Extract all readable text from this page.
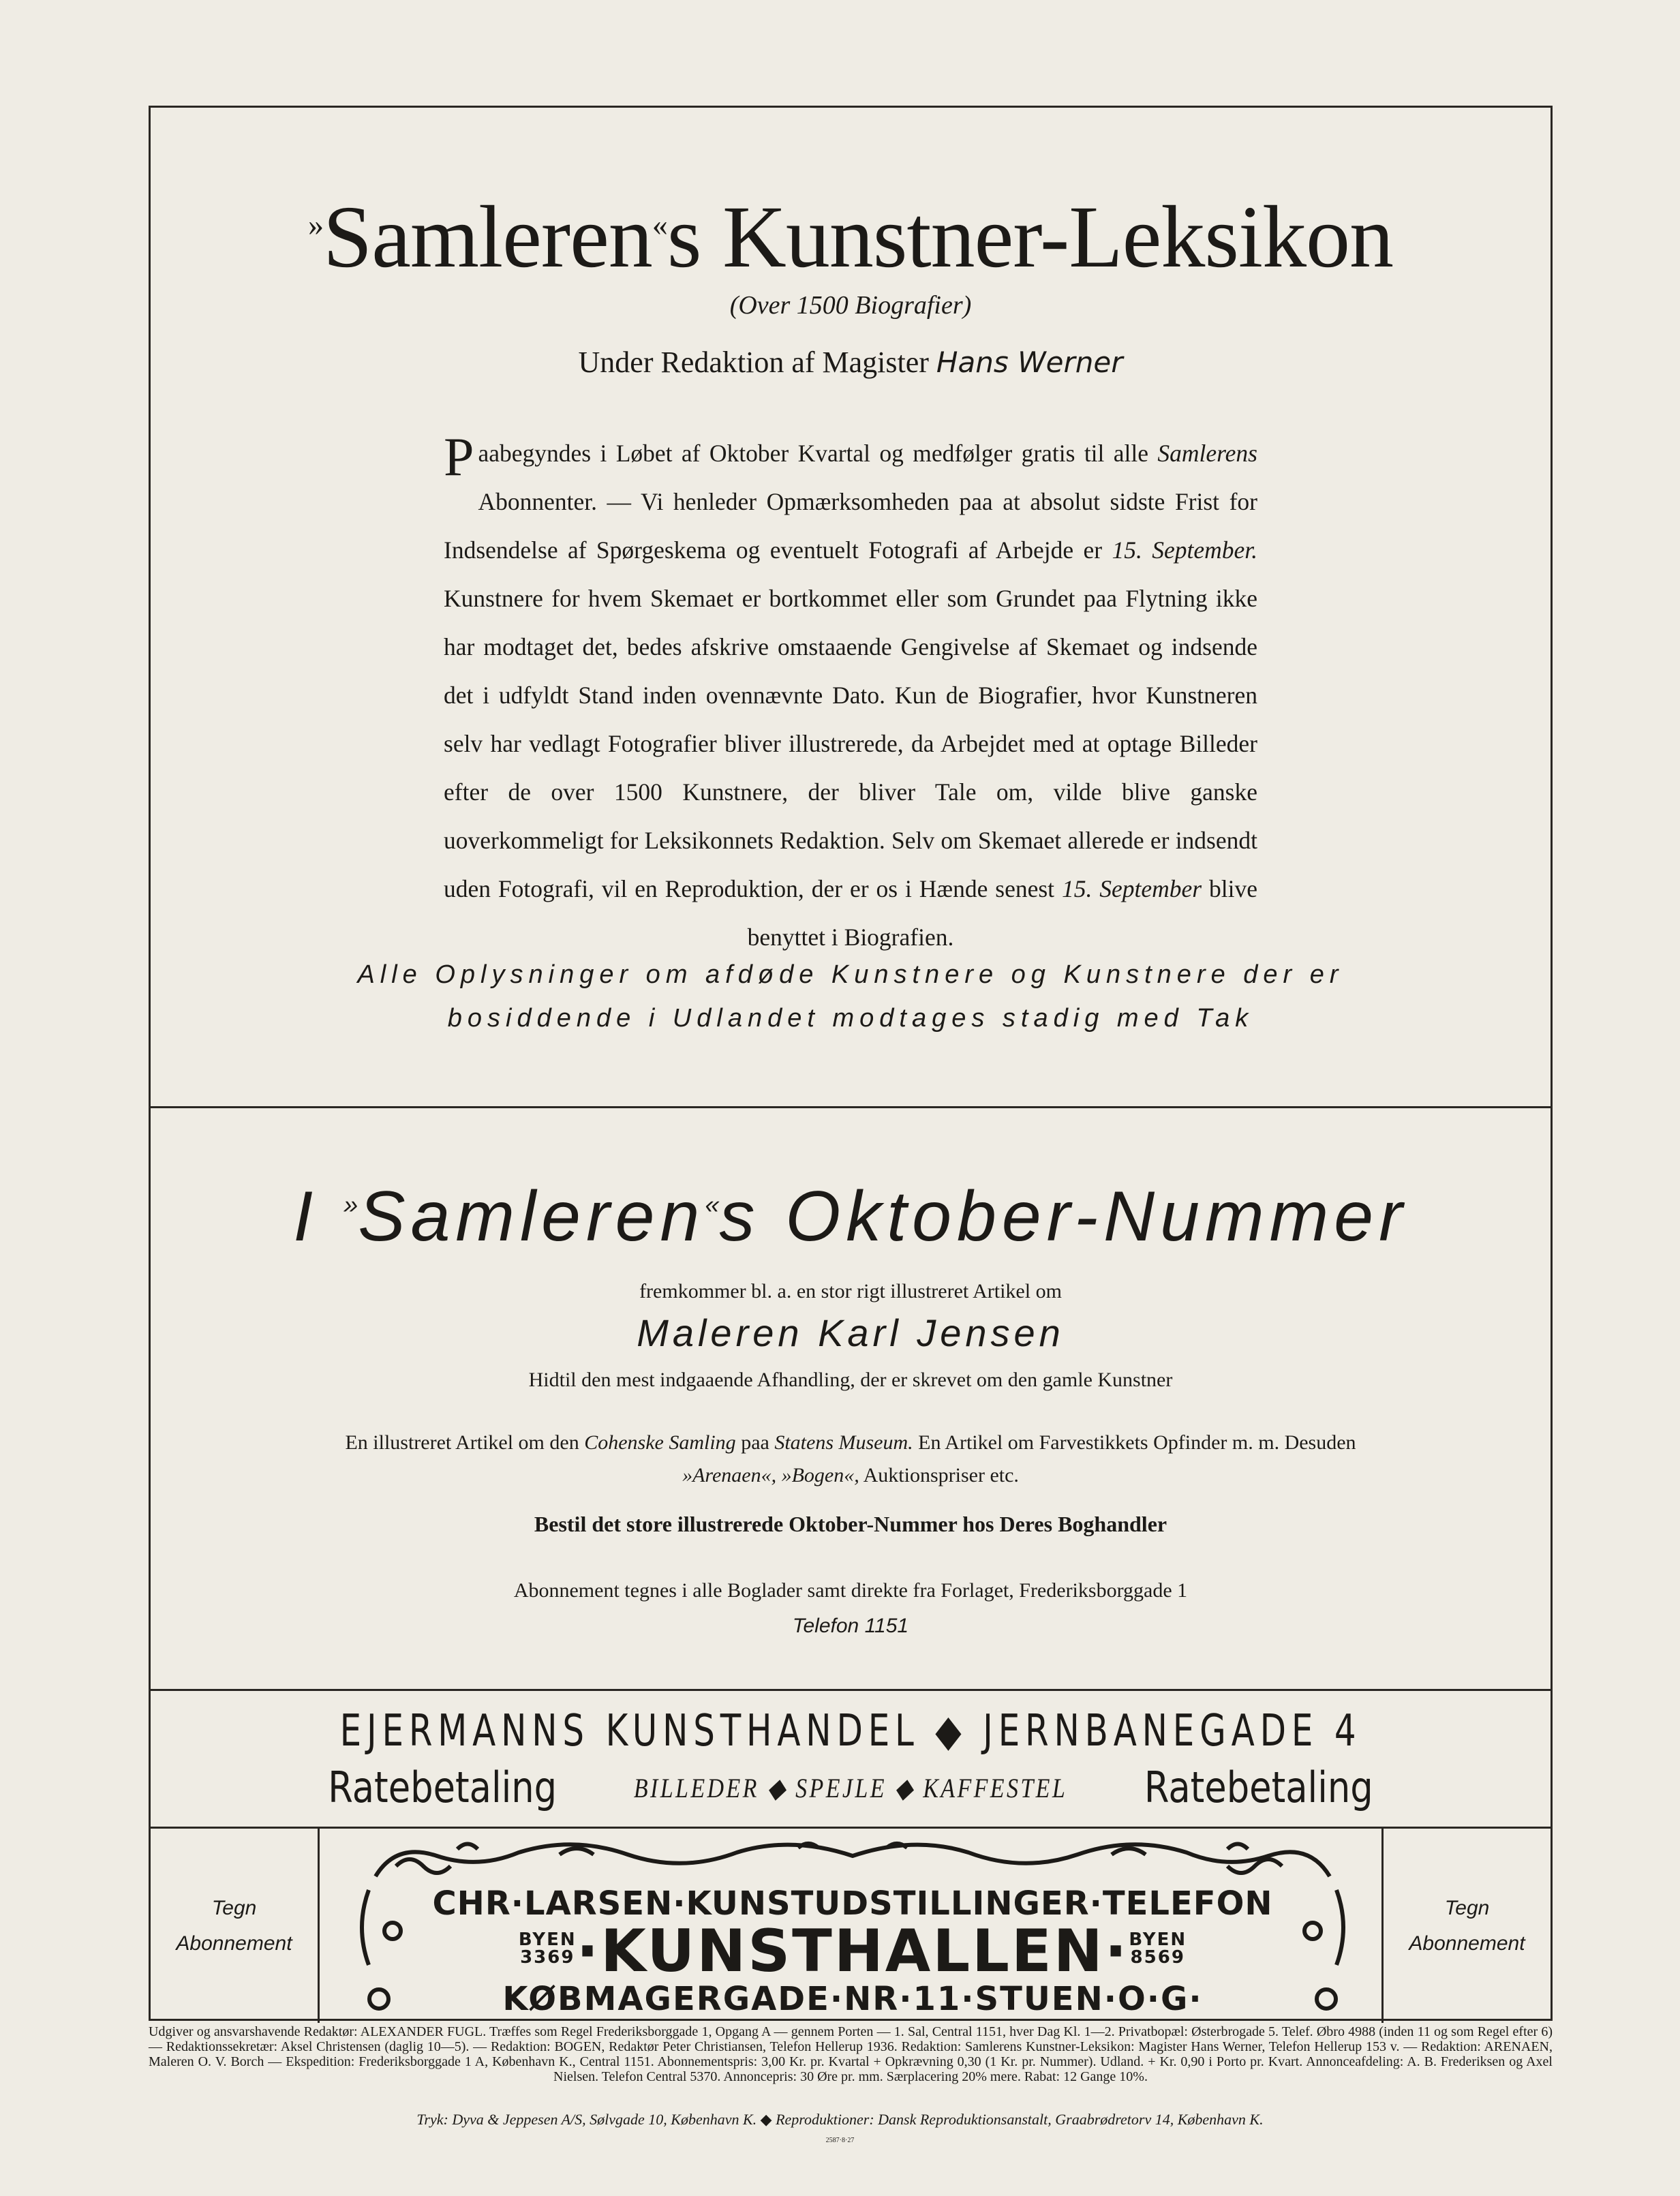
»Samleren«s Kunstner-Leksikon
(Over 1500 Biografier)
Under Redaktion af Magister Hans Werner
Paabegyndes i Løbet af Oktober Kvartal og medfølger gratis til alle Samlerens Abonnenter. — Vi henleder Opmærksomheden paa at absolut sidste Frist for Indsendelse af Spørgeskema og eventuelt Fotografi af Arbejde er 15. September. Kunstnere for hvem Skemaet er bortkommet eller som Grundet paa Flytning ikke har modtaget det, bedes afskrive omstaaende Gengivelse af Skemaet og indsende det i udfyldt Stand inden ovennævnte Dato. Kun de Biografier, hvor Kunstneren selv har vedlagt Fotografier bliver illustrerede, da Arbejdet med at optage Billeder efter de over 1500 Kunstnere, der bliver Tale om, vilde blive ganske uoverkommeligt for Leksikonnets Redaktion. Selv om Skemaet allerede er indsendt uden Fotografi, vil en Reproduktion, der er os i Hænde senest 15. September blive benyttet i Biografien.
Alle Oplysninger om afdøde Kunstnere og Kunstnere der er bosiddende i Udlandet modtages stadig med Tak
I »Samleren«s Oktober-Nummer
fremkommer bl. a. en stor rigt illustreret Artikel om
Maleren Karl Jensen
Hidtil den mest indgaaende Afhandling, der er skrevet om den gamle Kunstner
En illustreret Artikel om den Cohenske Samling paa Statens Museum. En Artikel om Farvestikkets Opfinder m. m. Desuden
»Arenaen«, »Bogen«, Auktionspriser etc.
Bestil det store illustrerede Oktober-Nummer hos Deres Boghandler
Abonnement tegnes i alle Boglader samt direkte fra Forlaget, Frederiksborggade 1
Telefon 1151
EJERMANNS KUNSTHANDEL ◆ JERNBANEGADE 4
Ratebetaling	BILLEDER ◆ SPEJLE ◆ KAFFESTEL	Ratebetaling
Tegn
Abonnement
Tegn
Abonnement
CHR·LARSEN·KUNSTUDSTILLINGER·TELEFON
BYEN
3369·KUNSTHALLEN·BYEN
8569
KØBMAGERGADE·NR·11·STUEN·O·G·
Udgiver og ansvarshavende Redaktør: ALEXANDER FUGL. Træffes som Regel Frederiksborggade 1, Opgang A — gennem Porten — 1. Sal, Central 1151, hver Dag Kl. 1—2. Privatbopæl: Østerbrogade 5. Telef. Øbro 4988 (inden 11 og som Regel efter 6) — Redaktionssekretær: Aksel Christensen (daglig 10—5). — Redaktion: BOGEN, Redaktør Peter Christiansen, Telefon Hellerup 1936. Redaktion: Samlerens Kunstner-Leksikon: Magister Hans Werner, Telefon Hellerup 153 v. — Redaktion: ARENAEN, Maleren O. V. Borch — Ekspedition: Frederiksborggade 1 A, København K., Central 1151. Abonnementspris: 3,00 Kr. pr. Kvartal + Opkrævning 0,30 (1 Kr. pr. Nummer). Udland. + Kr. 0,90 i Porto pr. Kvart. Annonceafdeling: A. B. Frederiksen og Axel Nielsen. Telefon Central 5370. Annoncepris: 30 Øre pr. mm. Særplacering 20% mere. Rabat: 12 Gange 10%.
Tryk: Dyva & Jeppesen A/S, Sølvgade 10, København K. ◆ Reproduktioner: Dansk Reproduktionsanstalt, Graabrødretorv 14, København K.
2587·8·27
